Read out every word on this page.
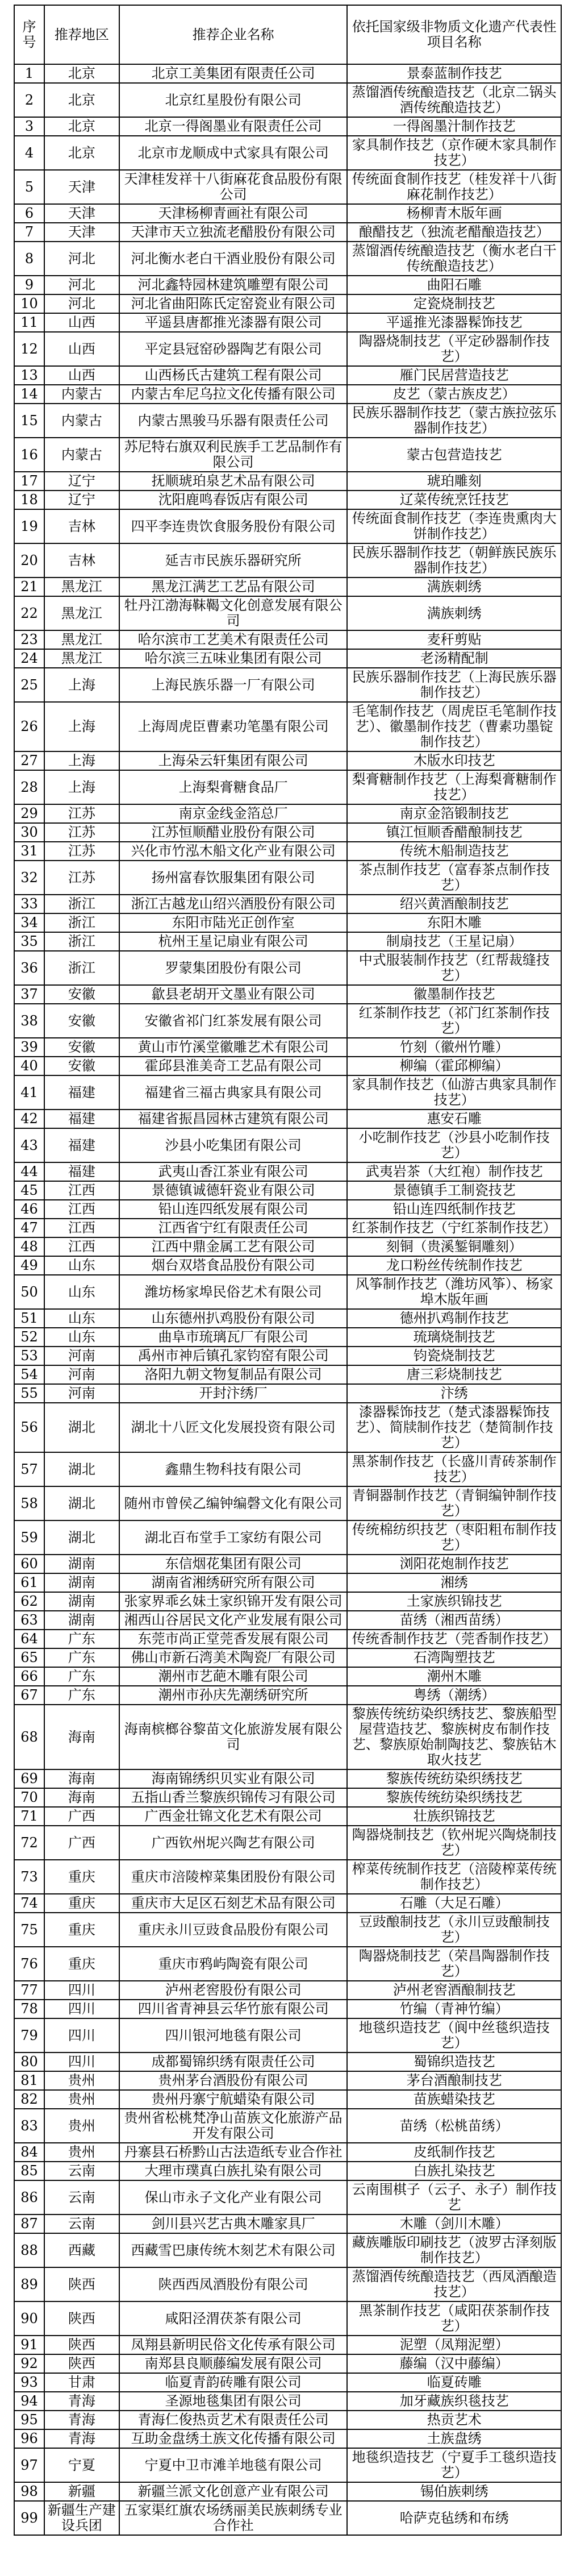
序号	推荐地区	推荐企业名称	依托国家级非物质文化遗产代表性项目名称
1	北京	北京工美集团有限责任公司	景泰蓝制作技艺
2	北京	北京红星股份有限公司	蒸馏酒传统酿造技艺（北京二锅头酒传统酿造技艺）
3	北京	北京一得阁墨业有限责任公司	一得阁墨汁制作技艺
4	北京	北京市龙顺成中式家具有限公司	家具制作技艺（京作硬木家具制作技艺）
5	天津	天津桂发祥十八街麻花食品股份有限公司	传统面食制作技艺（桂发祥十八街麻花制作技艺）
6	天津	天津杨柳青画社有限公司	杨柳青木版年画
7	天津	天津市天立独流老醋股份有限公司	酿醋技艺（独流老醋酿造技艺）
8	河北	河北衡水老白干酒业股份有限公司	蒸馏酒传统酿造技艺（衡水老白干传统酿造技艺）
9	河北	河北鑫特园林建筑雕塑有限公司	曲阳石雕
10	河北	河北省曲阳陈氏定窑瓷业有限公司	定瓷烧制技艺
11	山西	平遥县唐都推光漆器有限公司	平遥推光漆器髹饰技艺
12	山西	平定县冠窑砂器陶艺有限公司	陶器烧制技艺（平定砂器制作技艺）
13	山西	山西杨氏古建筑工程有限公司	雁门民居营造技艺
14	内蒙古	内蒙古牟尼乌拉文化传播有限公司	皮艺（蒙古族皮艺）
15	内蒙古	内蒙古黑骏马乐器有限责任公司	民族乐器制作技艺（蒙古族拉弦乐器制作技艺）
16	内蒙古	苏尼特右旗双利民族手工艺品制作有限公司	蒙古包营造技艺
17	辽宁	抚顺琥珀泉艺术品有限公司	琥珀雕刻
18	辽宁	沈阳鹿鸣春饭店有限公司	辽菜传统烹饪技艺
19	吉林	四平李连贵饮食服务股份有限公司	传统面食制作技艺（李连贵熏肉大饼制作技艺）
20	吉林	延吉市民族乐器研究所	民族乐器制作技艺（朝鲜族民族乐器制作技艺）
21	黑龙江	黑龙江满艺工艺品有限公司	满族刺绣
22	黑龙江	牡丹江渤海靺鞨文化创意发展有限公司	满族刺绣
23	黑龙江	哈尔滨市工艺美术有限责任公司	麦秆剪贴
24	黑龙江	哈尔滨三五味业集团有限公司	老汤精配制
25	上海	上海民族乐器一厂有限公司	民族乐器制作技艺（上海民族乐器制作技艺）
26	上海	上海周虎臣曹素功笔墨有限公司	毛笔制作技艺（周虎臣毛笔制作技艺）、徽墨制作技艺（曹素功墨锭制作技艺）
27	上海	上海朵云轩集团有限公司	木版水印技艺
28	上海	上海梨膏糖食品厂	梨膏糖制作技艺（上海梨膏糖制作技艺）
29	江苏	南京金线金箔总厂	南京金箔锻制技艺
30	江苏	江苏恒顺醋业股份有限公司	镇江恒顺香醋酿制技艺
31	江苏	兴化市竹泓木船文化产业有限公司	传统木船制造技艺
32	江苏	扬州富春饮服集团有限公司	茶点制作技艺（富春茶点制作技艺）
33	浙江	浙江古越龙山绍兴酒股份有限公司	绍兴黄酒酿制技艺
34	浙江	东阳市陆光正创作室	东阳木雕
35	浙江	杭州王星记扇业有限公司	制扇技艺（王星记扇）
36	浙江	罗蒙集团股份有限公司	中式服装制作技艺（红帮裁缝技艺）
37	安徽	歙县老胡开文墨业有限公司	徽墨制作技艺
38	安徽	安徽省祁门红茶发展有限公司	红茶制作技艺（祁门红茶制作技艺）
39	安徽	黄山市竹溪堂徽雕艺术有限公司	竹刻（徽州竹雕）
40	安徽	霍邱县淮美奇工艺品有限公司	柳编（霍邱柳编）
41	福建	福建省三福古典家具有限公司	家具制作技艺（仙游古典家具制作技艺）
42	福建	福建省振昌园林古建筑有限公司	惠安石雕
43	福建	沙县小吃集团有限公司	小吃制作技艺（沙县小吃制作技艺）
44	福建	武夷山香江茶业有限公司	武夷岩茶（大红袍）制作技艺
45	江西	景德镇诚德轩瓷业有限公司	景德镇手工制瓷技艺
46	江西	铅山连四纸发展有限公司	铅山连四纸制作技艺
47	江西	江西省宁红有限责任公司	红茶制作技艺（宁红茶制作技艺）
48	江西	江西中鼎金属工艺有限公司	刻铜（贵溪錾铜雕刻）
49	山东	烟台双塔食品股份有限公司	龙口粉丝传统制作技艺
50	山东	潍坊杨家埠民俗艺术有限公司	风筝制作技艺（潍坊风筝）、杨家埠木版年画
51	山东	山东德州扒鸡股份有限公司	德州扒鸡制作技艺
52	山东	曲阜市琉璃瓦厂有限公司	琉璃烧制技艺
53	河南	禹州市神后镇孔家钧窑有限公司	钧瓷烧制技艺
54	河南	洛阳九朝文物复制品有限公司	唐三彩烧制技艺
55	河南	开封汴绣厂	汴绣
56	湖北	湖北十八匠文化发展投资有限公司	漆器髹饰技艺（楚式漆器髹饰技艺）、简牍制作技艺（楚简制作技艺）
57	湖北	鑫鼎生物科技有限公司	黑茶制作技艺（长盛川青砖茶制作技艺）
58	湖北	随州市曾侯乙编钟编磬文化有限公司	青铜器制作技艺（青铜编钟制作技艺）
59	湖北	湖北百布堂手工家纺有限公司	传统棉纺织技艺（枣阳粗布制作技艺）
60	湖南	东信烟花集团有限公司	浏阳花炮制作技艺
61	湖南	湖南省湘绣研究所有限公司	湘绣
62	湖南	张家界乖幺妹土家织锦开发有限公司	土家族织锦技艺
63	湖南	湘西山谷居民文化产业发展有限公司	苗绣（湘西苗绣）
64	广东	东莞市尚正堂莞香发展有限公司	传统香制作技艺（莞香制作技艺）
65	广东	佛山市新石湾美术陶瓷厂有限公司	石湾陶塑技艺
66	广东	潮州市艺葩木雕有限公司	潮州木雕
67	广东	潮州市孙庆先潮绣研究所	粤绣（潮绣）
68	海南	海南槟榔谷黎苗文化旅游发展有限公司	黎族传统纺染织绣技艺、黎族船型屋营造技艺、黎族树皮布制作技艺、黎族原始制陶技艺、黎族钻木取火技艺
69	海南	海南锦绣织贝实业有限公司	黎族传统纺染织绣技艺
70	海南	五指山香兰黎族织锦传习有限公司	黎族传统纺染织绣技艺
71	广西	广西金壮锦文化艺术有限公司	壮族织锦技艺
72	广西	广西钦州坭兴陶艺有限公司	陶器烧制技艺（钦州坭兴陶烧制技艺）
73	重庆	重庆市涪陵榨菜集团股份有限公司	榨菜传统制作技艺（涪陵榨菜传统制作技艺）
74	重庆	重庆市大足区石刻艺术品有限公司	石雕（大足石雕）
75	重庆	重庆永川豆豉食品股份有限公司	豆豉酿制技艺（永川豆豉酿制技艺）
76	重庆	重庆市鸦屿陶瓷有限公司	陶器烧制技艺（荣昌陶器制作技艺）
77	四川	泸州老窖股份有限公司	泸州老窖酒酿制技艺
78	四川	四川省青神县云华竹旅有限公司	竹编（青神竹编）
79	四川	四川银河地毯有限公司	地毯织造技艺（阆中丝毯织造技艺）
80	四川	成都蜀锦织绣有限责任公司	蜀锦织造技艺
81	贵州	贵州茅台酒股份有限公司	茅台酒酿制技艺
82	贵州	贵州丹寨宁航蜡染有限公司	苗族蜡染技艺
83	贵州	贵州省松桃梵净山苗族文化旅游产品开发有限公司	苗绣（松桃苗绣）
84	贵州	丹寨县石桥黔山古法造纸专业合作社	皮纸制作技艺
85	云南	大理市璞真白族扎染有限公司	白族扎染技艺
86	云南	保山市永子文化产业有限公司	云南围棋子（云子、永子）制作技艺
87	云南	剑川县兴艺古典木雕家具厂	木雕（剑川木雕）
88	西藏	西藏雪巴康传统木刻艺术有限公司	藏族雕版印刷技艺（波罗古泽刻版制作技艺）
89	陕西	陕西西凤酒股份有限公司	蒸馏酒传统酿造技艺（西凤酒酿造技艺）
90	陕西	咸阳泾渭茯茶有限公司	黑茶制作技艺（咸阳茯茶制作技艺）
91	陕西	凤翔县新明民俗文化传承有限公司	泥塑（凤翔泥塑）
92	陕西	南郑县良顺藤编发展有限公司	藤编（汉中藤编）
93	甘肃	临夏青韵砖雕有限公司	临夏砖雕
94	青海	圣源地毯集团有限公司	加牙藏族织毯技艺
95	青海	青海仁俊热贡艺术有限责任公司	热贡艺术
96	青海	互助金盘绣土族文化传播有限公司	土族盘绣
97	宁夏	宁夏中卫市滩羊地毯有限公司	地毯织造技艺（宁夏手工毯织造技艺）
98	新疆	新疆兰派文化创意产业有限公司	锡伯族刺绣
99	新疆生产建设兵团	五家渠红旗农场绣丽美民族刺绣专业合作社	哈萨克毡绣和布绣
